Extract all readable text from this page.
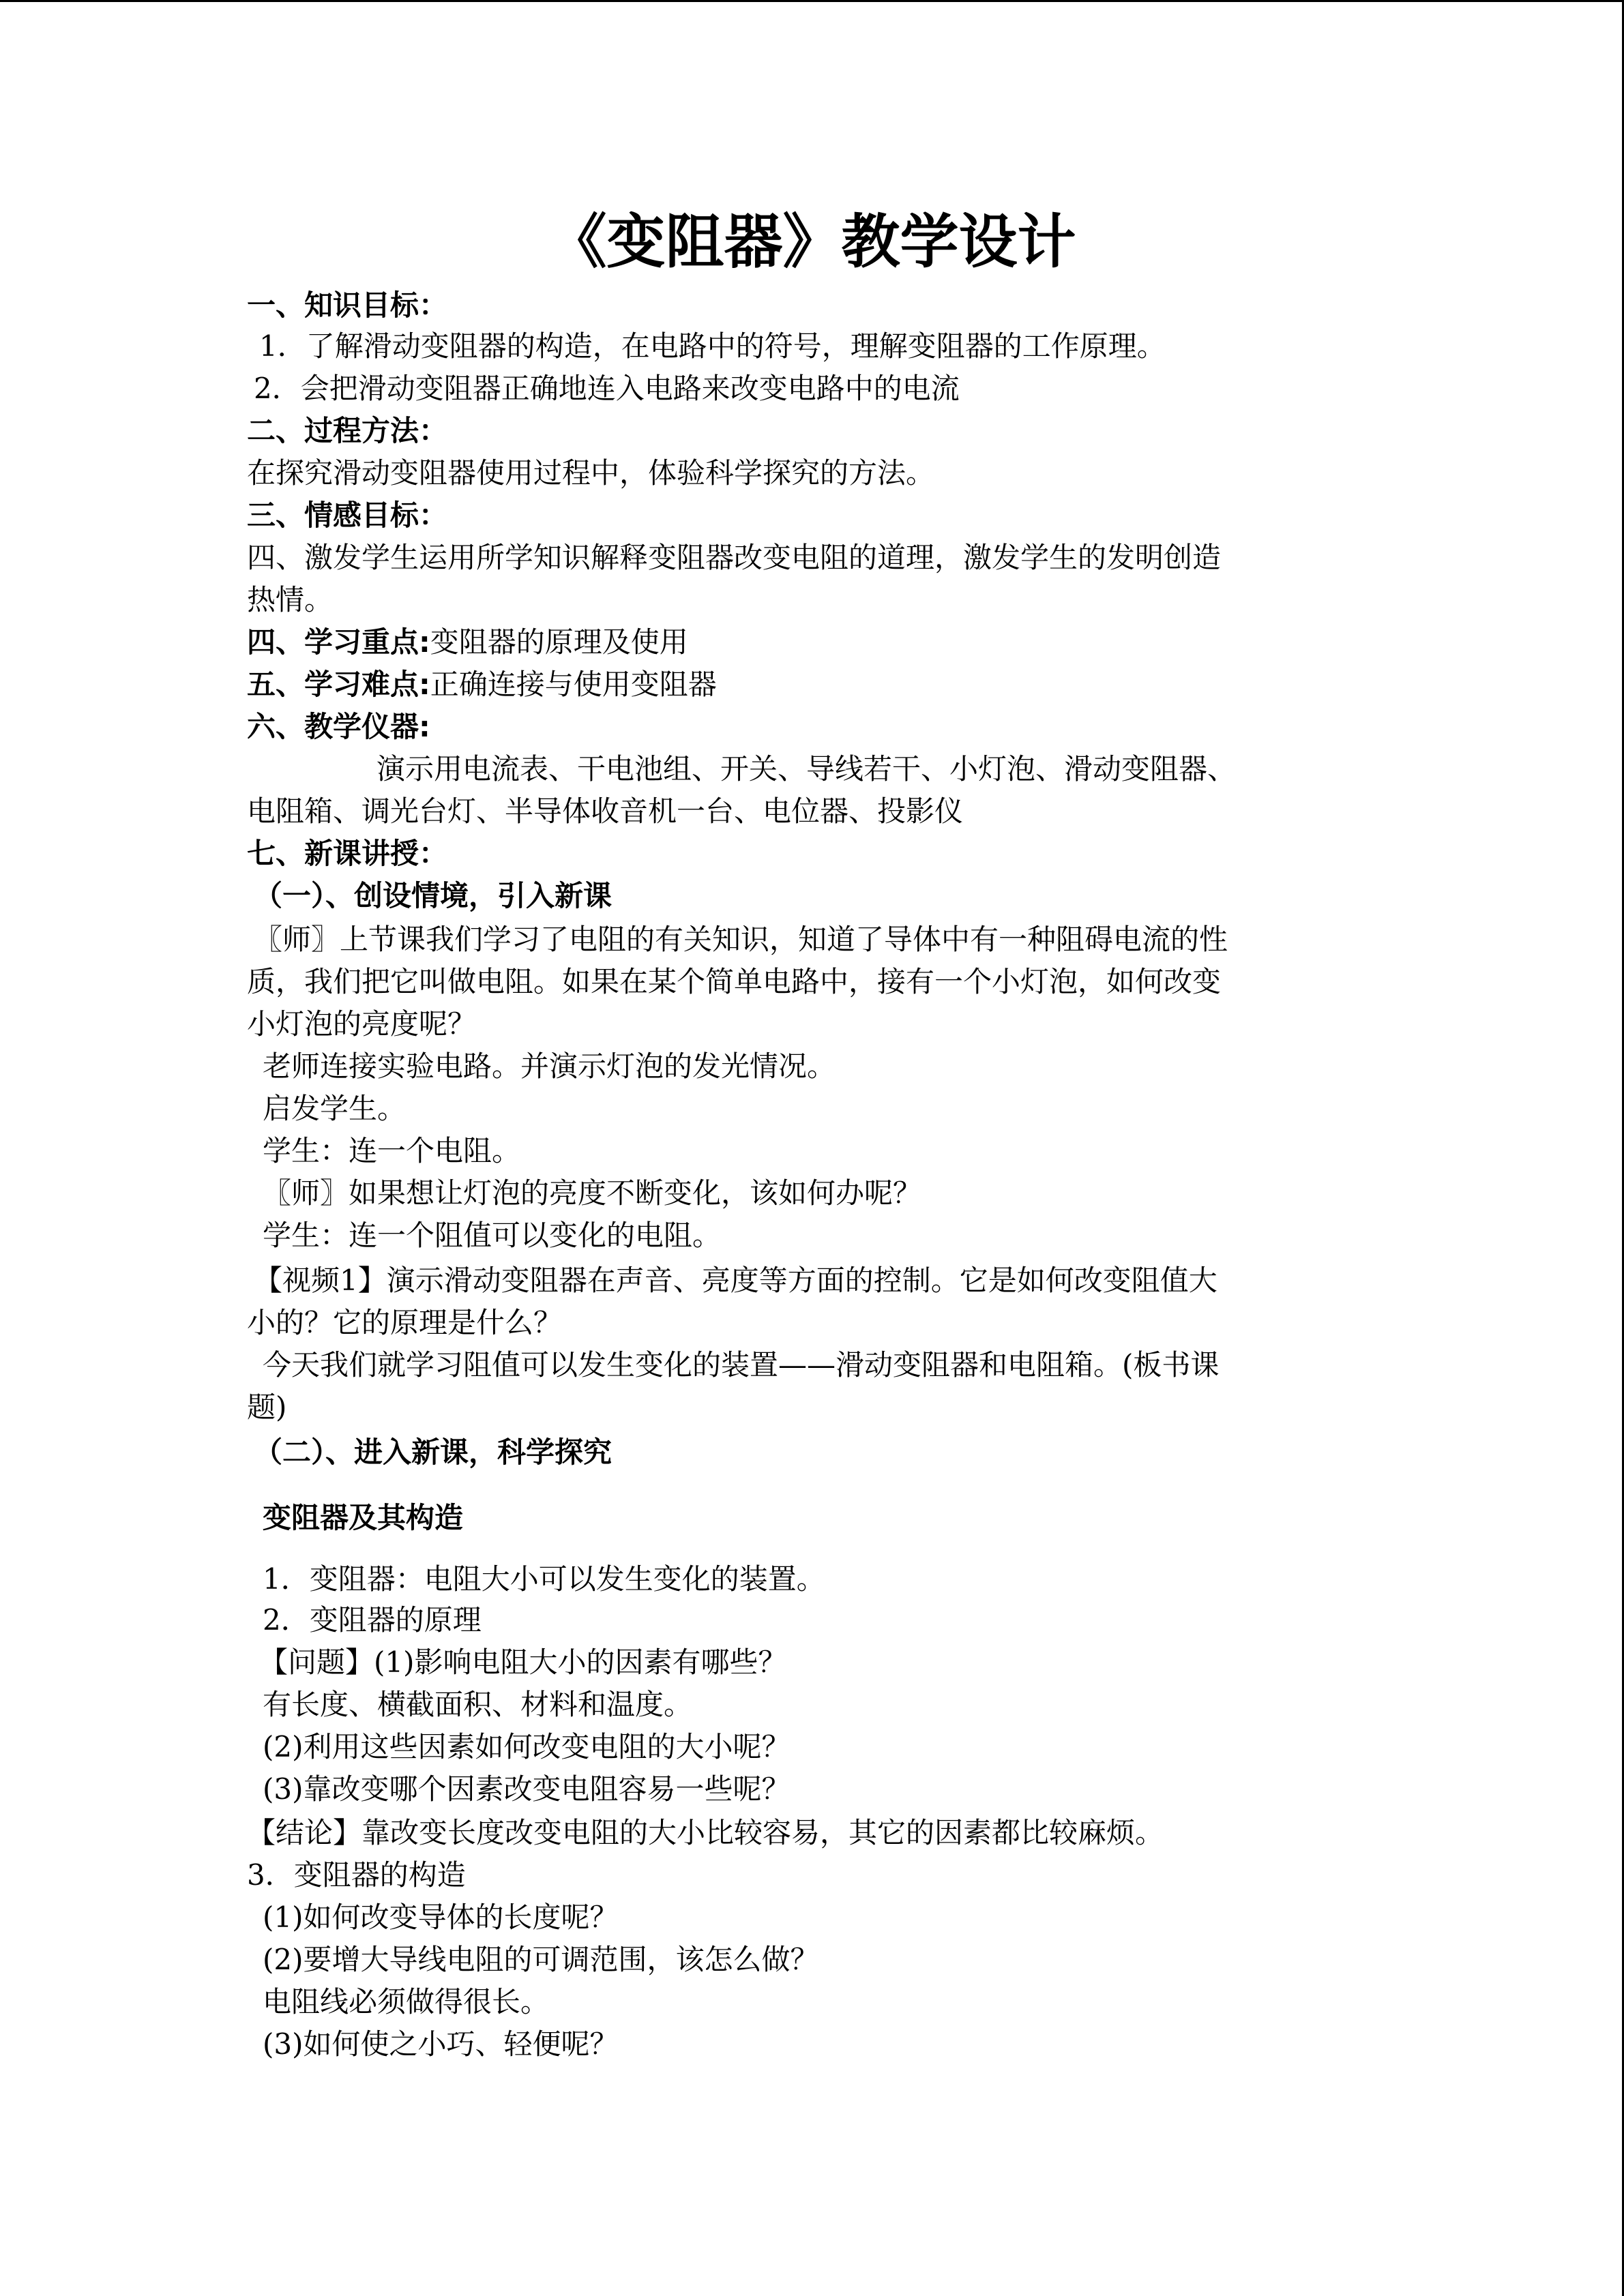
《变阻器》教学设计
一、知识目标：
1．了解滑动变阻器的构造，在电路中的符号，理解变阻器的工作原理。
2．会把滑动变阻器正确地连入电路来改变电路中的电流
二、过程方法：
在探究滑动变阻器使用过程中，体验科学探究的方法。
三、情感目标：
四、激发学生运用所学知识解释变阻器改变电阻的道理，激发学生的发明创造
热情。
四、学习重点:变阻器的原理及使用
五、学习难点:正确连接与使用变阻器
六、教学仪器:
演示用电流表、干电池组、开关、导线若干、小灯泡、滑动变阻器、
电阻箱、调光台灯、半导体收音机一台、电位器、投影仪
七、新课讲授：
（一）、创设情境，引入新课
〖师〗上节课我们学习了电阻的有关知识，知道了导体中有一种阻碍电流的性
质，我们把它叫做电阻。如果在某个简单电路中，接有一个小灯泡，如何改变
小灯泡的亮度呢？
老师连接实验电路。并演示灯泡的发光情况。
启发学生。
学生：连一个电阻。
〖师〗如果想让灯泡的亮度不断变化，该如何办呢？
学生：连一个阻值可以变化的电阻。
【视频1】演示滑动变阻器在声音、亮度等方面的控制。它是如何改变阻值大
小的？它的原理是什么？
今天我们就学习阻值可以发生变化的装置——滑动变阻器和电阻箱。(板书课
题)
（二）、进入新课，科学探究
变阻器及其构造
1．变阻器：电阻大小可以发生变化的装置。
2．变阻器的原理
【问题】(1)影响电阻大小的因素有哪些？
有长度、横截面积、材料和温度。
(2)利用这些因素如何改变电阻的大小呢？
(3)靠改变哪个因素改变电阻容易一些呢？
【结论】靠改变长度改变电阻的大小比较容易，其它的因素都比较麻烦。
3．变阻器的构造
(1)如何改变导体的长度呢？
(2)要增大导线电阻的可调范围，该怎么做？
电阻线必须做得很长。
(3)如何使之小巧、轻便呢？
